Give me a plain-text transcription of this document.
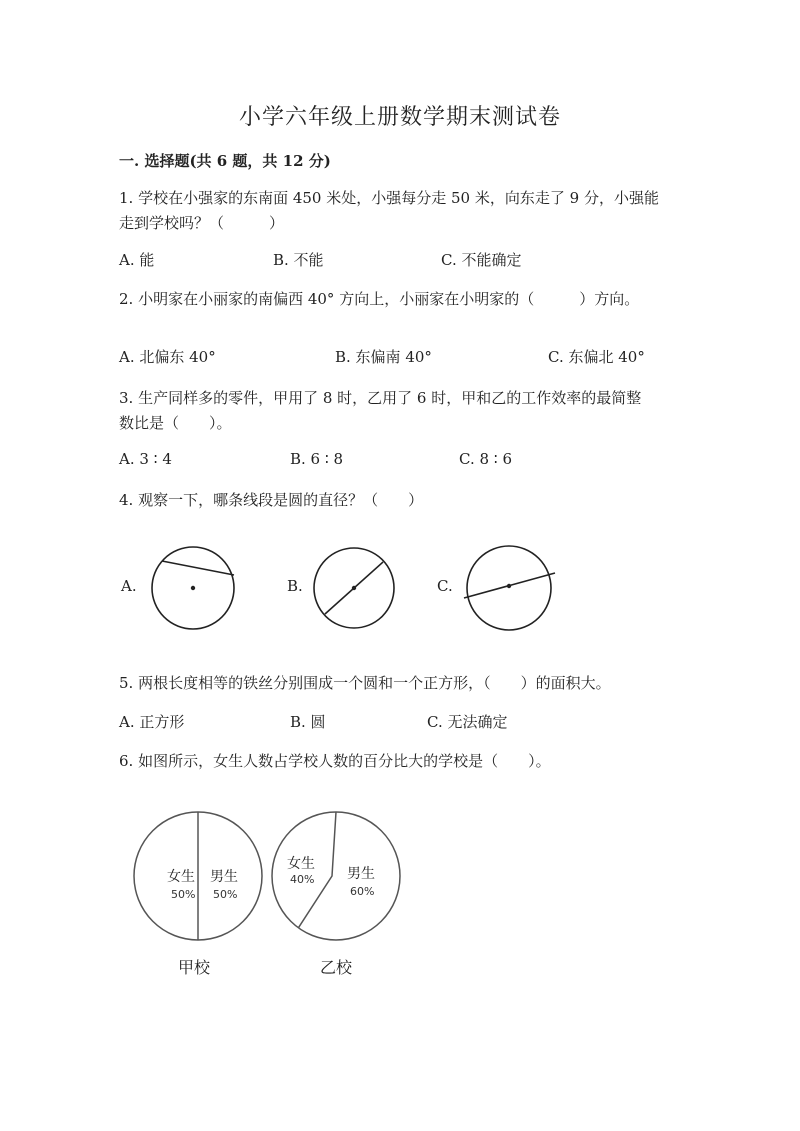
小学六年级上册数学期末测试卷
一. 选择题(共 6 题，共 12 分)
1. 学校在小强家的东南面 450 米处，小强每分走 50 米，向东走了 9 分，小强能
走到学校吗？（　　　）
A. 能	B. 不能	C. 不能确定
2. 小明家在小丽家的南偏西 40° 方向上，小丽家在小明家的（　　　）方向。
A. 北偏东 40°	B. 东偏南 40°	C. 东偏北 40°
3. 生产同样多的零件，甲用了 8 时，乙用了 6 时，甲和乙的工作效率的最简整
数比是（　　）。
A. 3 ∶ 4	B. 6 ∶ 8	C. 8 ∶ 6
4. 观察一下，哪条线段是圆的直径？（　　）
A.	B.	C.
5. 两根长度相等的铁丝分别围成一个圆和一个正方形，（　　）的面积大。
A. 正方形	B. 圆	C. 无法确定
6. 如图所示，女生人数占学校人数的百分比大的学校是（　　）。
女生
50%
男生
50%
甲校
女生
40% 男生
60%
乙校
